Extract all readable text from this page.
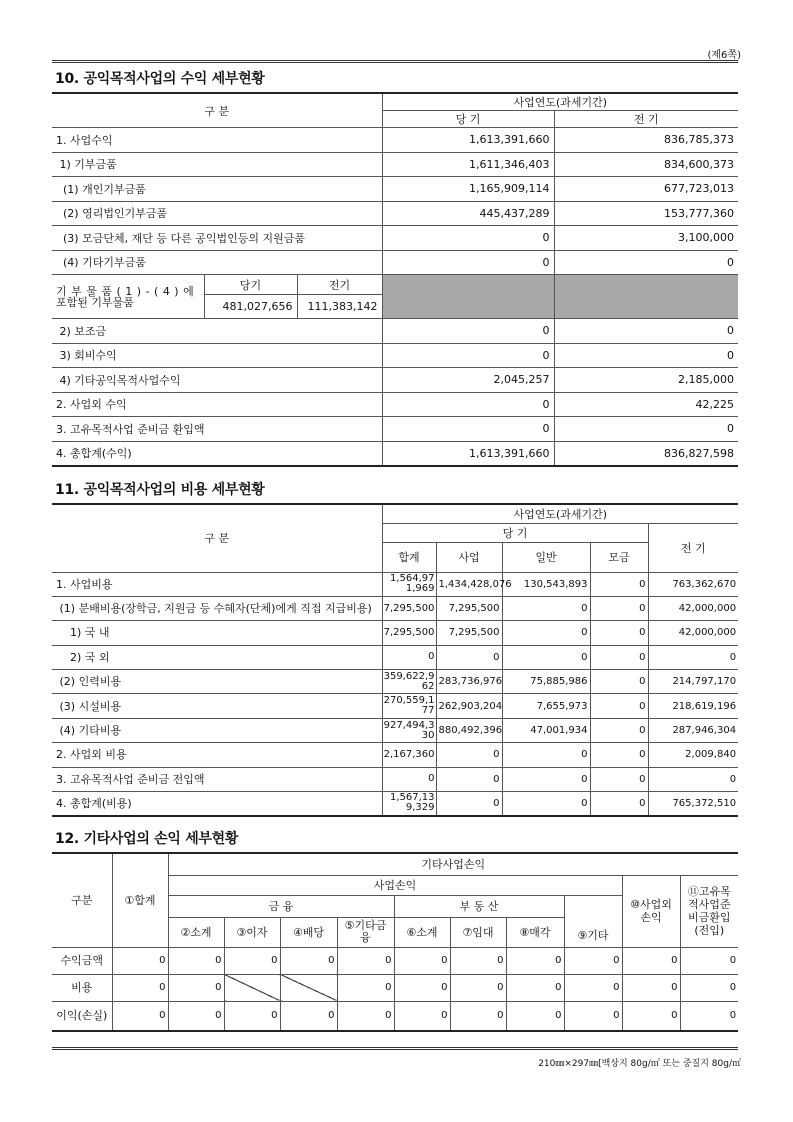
(제6쪽)
10. 공익목적사업의 수익 세부현황
구 분			사업연도(과세기간)	
			당 기	전 기
1. 사업수익			1,613,391,660	836,785,373
1) 기부금품			1,611,346,403	834,600,373
(1) 개인기부금품			1,165,909,114	677,723,013
(2) 영리법인기부금품			445,437,289	153,777,360
(3) 모금단체, 재단 등 다른 공익법인등의 지원금품			0	3,100,000
(4) 기타기부금품			0	0

기 부 물 품 ( 1 ) - ( 4 ) 에
포함된 기부물품	당기	전기		
	481,027,656	111,383,142		
2) 보조금			0	0
3) 회비수익			0	0
4) 기타공익목적사업수익			2,045,257	2,185,000
2. 사업외 수익			0	42,225
3. 고유목적사업 준비금 환입액			0	0
4. 총합계(수익)			1,613,391,660	836,827,598
11. 공익목적사업의 비용 세부현황
구 분	사업연도(과세기간)				
	당 기				전 기
	합계	사업	일반	모금	
1. 사업비용	1,564,971,969	1,434,428,076	130,543,893	0	763,362,670
(1) 분배비용(장학금, 지원금 등 수혜자(단체)에게 직접 지급비용)	7,295,500	7,295,500	0	0	42,000,000
1) 국 내	7,295,500	7,295,500	0	0	42,000,000
2) 국 외	0	0	0	0	0
(2) 인력비용	359,622,962	283,736,976	75,885,986	0	214,797,170
(3) 시설비용	270,559,177	262,903,204	7,655,973	0	218,619,196
(4) 기타비용	927,494,330	880,492,396	47,001,934	0	287,946,304
2. 사업외 비용	2,167,360	0	0	0	2,009,840
3. 고유목적사업 준비금 전입액	0	0	0	0	0
4. 총합계(비용)	1,567,139,329	0	0	0	765,372,510
12. 기타사업의 손익 세부현황
구분	①합계	기타사업손익									
		사업손익								⑩사업외손익	⑪고유목적사업준비금환입(전입)
		금 융				부 동 산			⑨기타		
		②소계	③이자	④배당	⑤기타금융	⑥소계	⑦임대	⑧매각			
수익금액	0	0	0	0	0	0	0	0	0	0	0
비용	0	0			0	0	0	0	0	0	0
이익(손실)	0	0	0	0	0	0	0	0	0	0	0
210㎜×297㎜[백상지 80g/㎡ 또는 중질지 80g/㎡
